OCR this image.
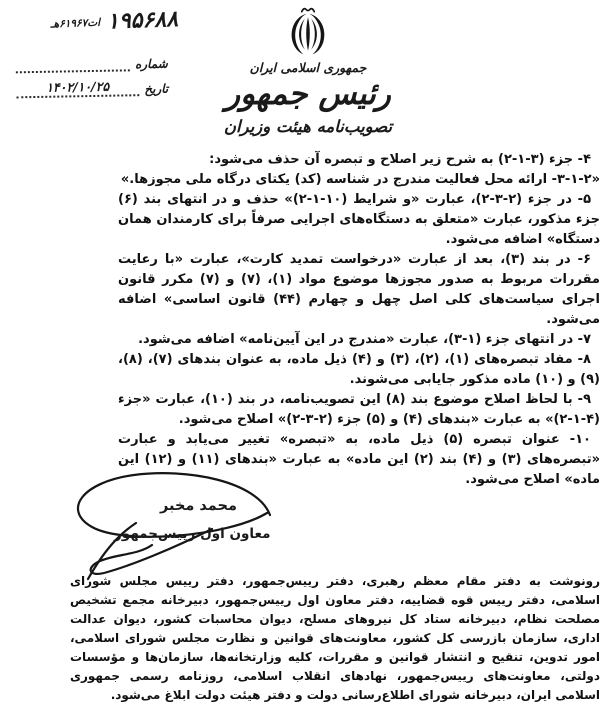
۱۹۵۶۸۸
ات۶۱۹۶۷هـ
شماره
تاریخ
۱۴۰۲/۱۰/۲۵
جمهوری اسلامی ایران
رئیس جمهور
تصویب‌نامه هیئت وزیران

۴- جزء (۳-۱-۲) به شرح زیر اصلاح و تبصره آن حذف می‌شود:

«۳-۱-۲- ارائه محل فعالیت مندرج در شناسه (کد) یکتای درگاه ملی مجوزها.»

۵- در جزء (۲-۳-۲)، عبارت «و شرایط (۱۰-۱-۲)» حذف و در انتهای بند (۶) جزء مذکور، عبارت «متعلق به دستگاه‌های اجرایی صرفاً برای کارمندان همان دستگاه» اضافه می‌شود.

۶- در بند (۳)، بعد از عبارت «درخواست تمدید کارت»، عبارت «با رعایت مقررات مربوط به صدور مجوزها موضوع مواد (۱)، (۷) و (۷) مکرر قانون اجرای سیاست‌های کلی اصل چهل و چهارم (۴۴) قانون اساسی» اضافه می‌شود.

۷- در انتهای جزء (۱-۳)، عبارت «مندرج در این آیین‌نامه» اضافه می‌شود.

۸- مفاد تبصره‌های (۱)، (۲)، (۳) و (۴) ذیل ماده، به عنوان بندهای (۷)، (۸)، (۹) و (۱۰) ماده مذکور جایابی می‌شوند.

۹- با لحاظ اصلاح موضوع بند (۸) این تصویب‌نامه، در بند (۱۰)، عبارت «جزء (۴-۱-۲)» به عبارت «بندهای (۴) و (۵) جزء (۲-۳-۲)» اصلاح می‌شود.

۱۰- عنوان تبصره (۵) ذیل ماده، به «تبصره» تغییر می‌یابد و عبارت «تبصره‌های (۳) و (۴) بند (۲) این ماده» به عبارت «بندهای (۱۱) و (۱۲) این ماده» اصلاح می‌شود.

محمد مخبر
معاون اول رییس‌جمهور

رونوشت به دفتر مقام معظم رهبری، دفتر رییس‌جمهور، دفتر رییس مجلس شورای اسلامی، دفتر رییس قوه قضاییه، دفتر معاون اول رییس‌جمهور، دبیرخانه مجمع تشخیص مصلحت نظام، دبیرخانه ستاد کل نیروهای مسلح، دیوان محاسبات کشور، دیوان عدالت اداری، سازمان بازرسی کل کشور، معاونت‌های قوانین و نظارت مجلس شورای اسلامی، امور تدوین، تنقیح و انتشار قوانین و مقررات، کلیه وزارتخانه‌ها، سازمان‌ها و مؤسسات دولتی، معاونت‌های رییس‌جمهور، نهادهای انقلاب اسلامی، روزنامه رسمی جمهوری اسلامی ایران، دبیرخانه شورای اطلاع‌رسانی دولت و دفتر هیئت دولت ابلاغ می‌شود.
